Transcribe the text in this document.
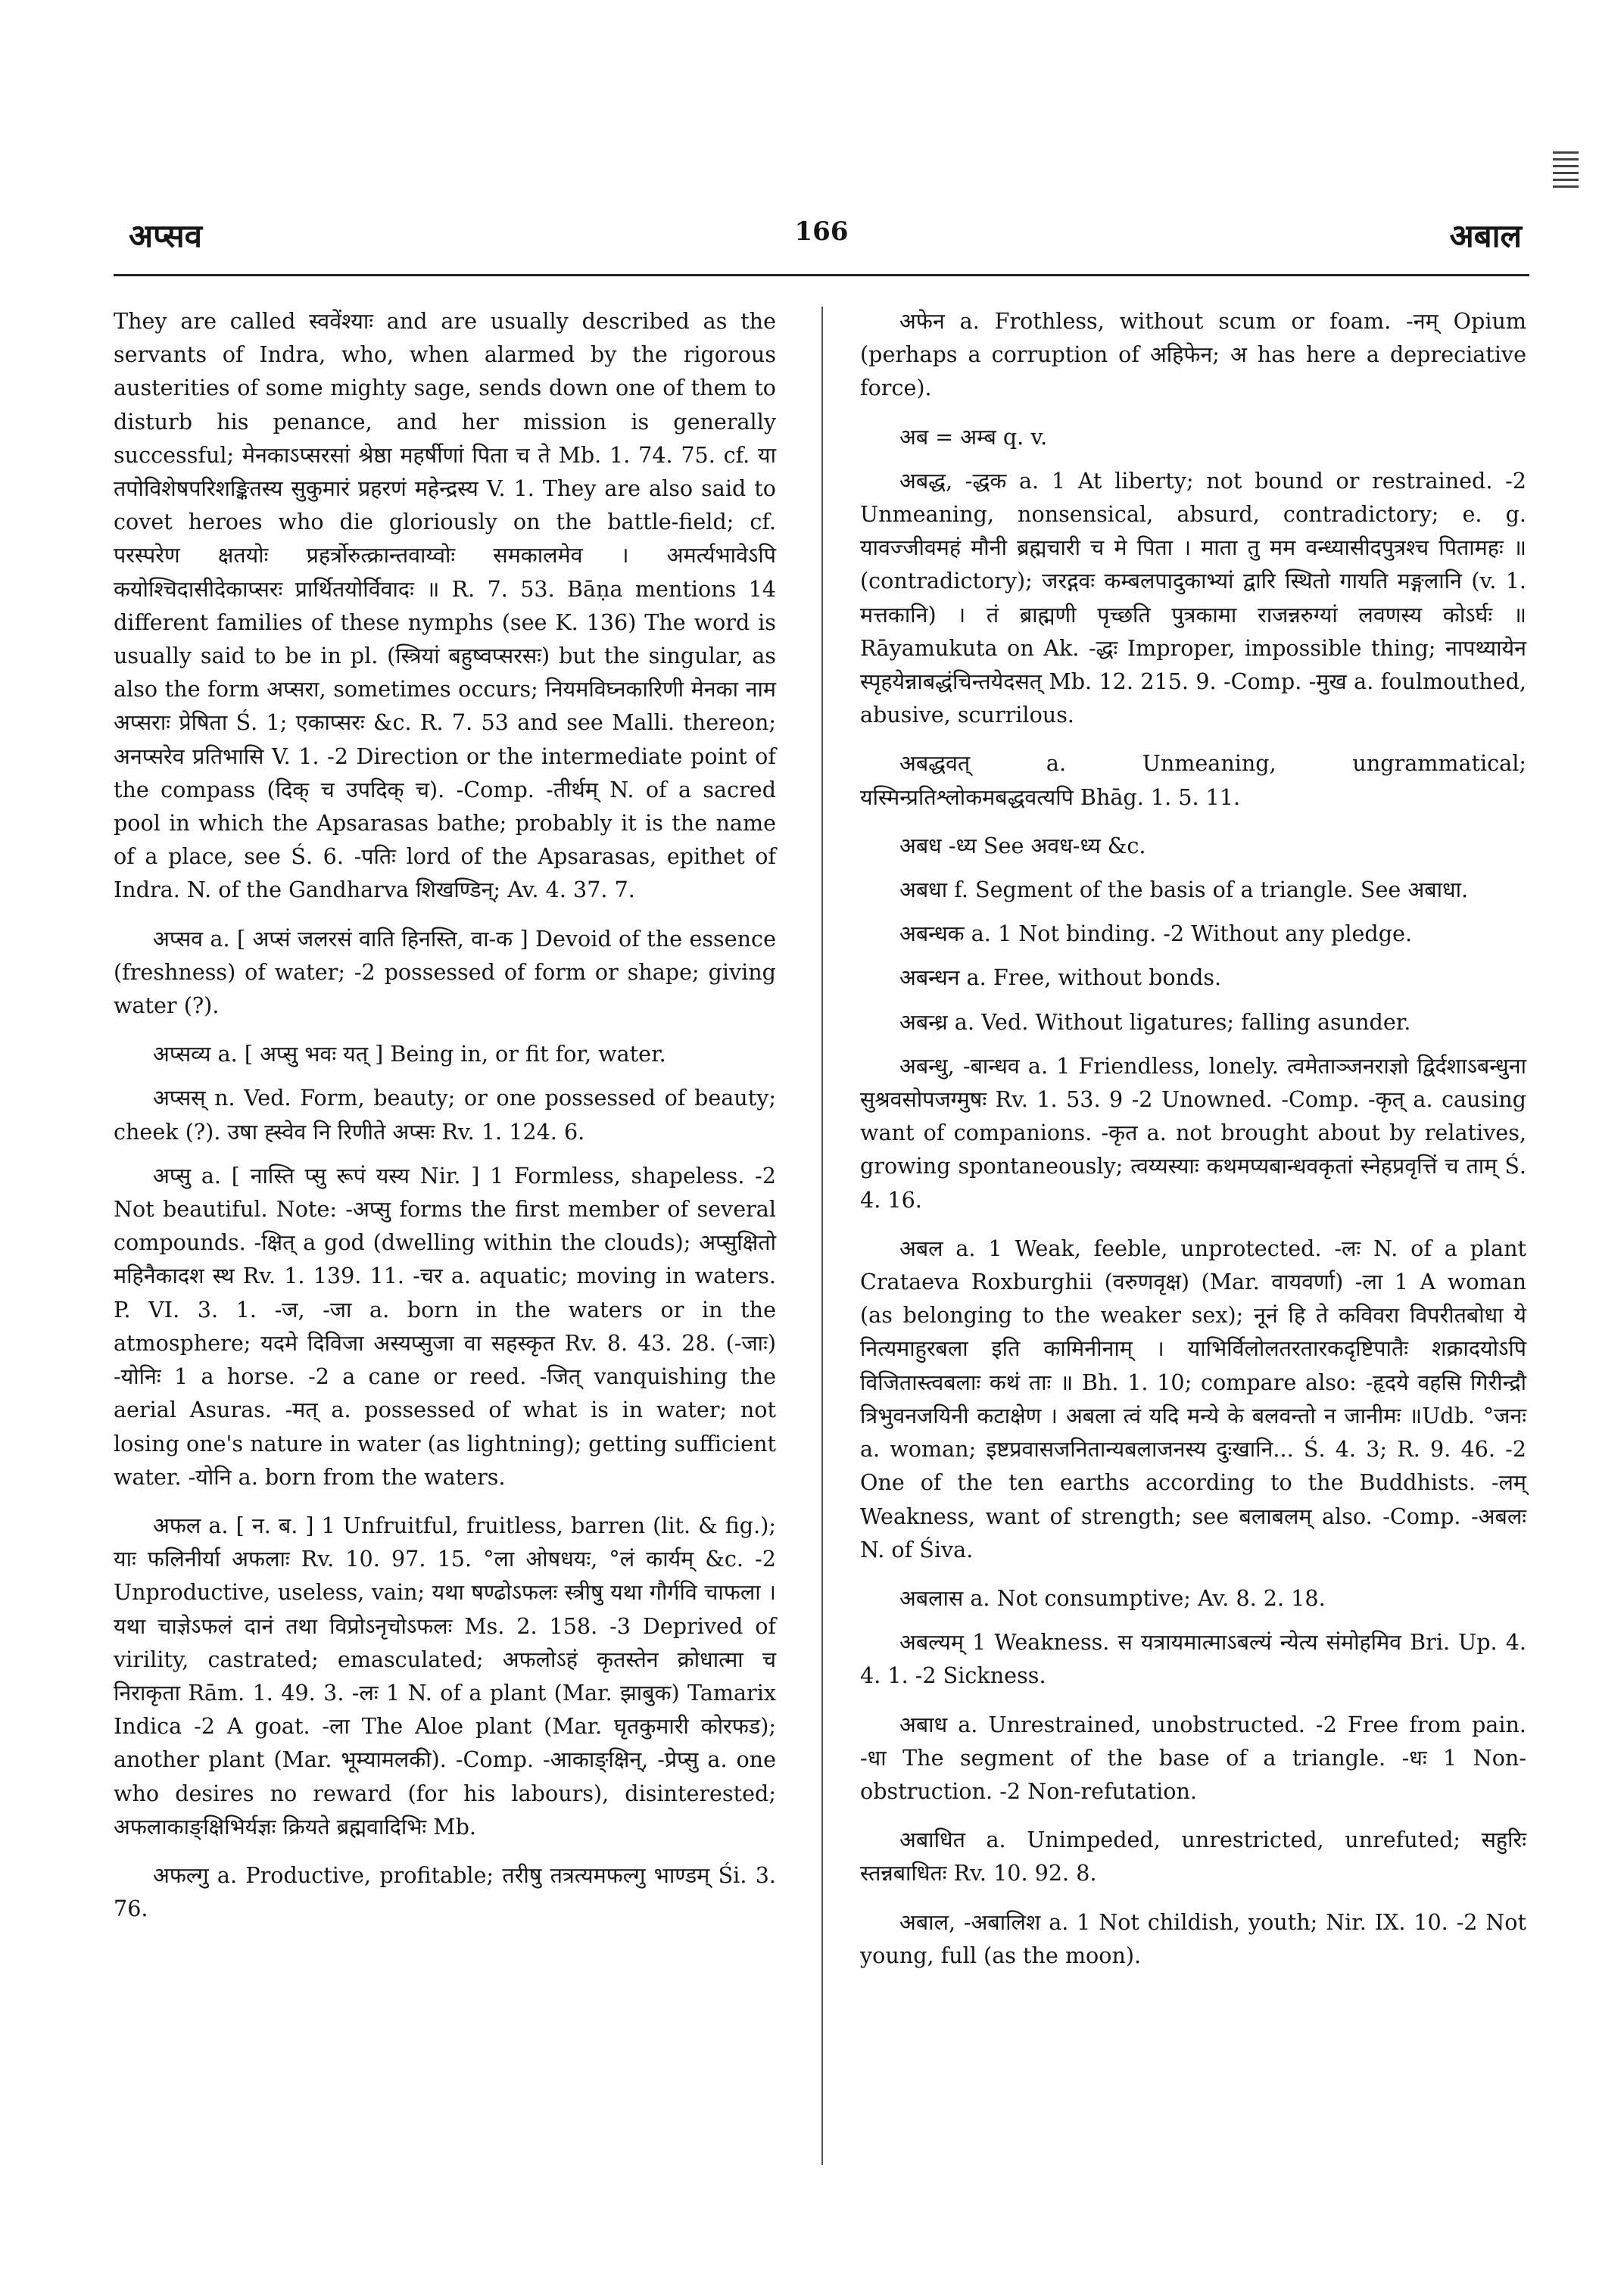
अप्सव	166	अबाल

They are called स्ववेंश्याः and are usually described as the servants of Indra, who, when alarmed by the rigorous austerities of some mighty sage, sends down one of them to disturb his penance, and her mission is generally successful; मेनकाऽप्सरसां श्रेष्ठा महर्षीणां पिता च ते Mb. 1. 74. 75. cf. या तपोविशेषपरिशङ्कितस्य सुकुमारं प्रहरणं महेन्द्रस्य V. 1. They are also said to covet heroes who die gloriously on the battle-field; cf. परस्परेण क्षतयोः प्रहर्त्रोरुत्क्रान्तवाय्वोः समकालमेव । अमर्त्यभावेऽपि कयोश्चिदासीदेकाप्सरः प्रार्थितयोर्विवादः ॥ R. 7. 53. Bāṇa mentions 14 different families of these nymphs (see K. 136) The word is usually said to be in pl. (स्त्रियां बहुष्वप्सरसः) but the singular, as also the form अप्सरा, sometimes occurs; नियमविघ्नकारिणी मेनका नाम अप्सराः प्रेषिता Ś. 1; एकाप्सरः &c. R. 7. 53 and see Malli. thereon; अनप्सरेव प्रतिभासि V. 1. -2 Direction or the intermediate point of the compass (दिक् च उपदिक् च). -Comp. -तीर्थम् N. of a sacred pool in which the Apsarasas bathe; probably it is the name of a place, see Ś. 6. -पतिः lord of the Apsarasas, epithet of Indra. N. of the Gandharva शिखण्डिन्; Av. 4. 37. 7.

अप्सव a. [ अप्सं जलरसं वाति हिनस्ति, वा-क ] Devoid of the essence (freshness) of water; -2 possessed of form or shape; giving water (?).

अप्सव्य a. [ अप्सु भवः यत् ] Being in, or fit for, water.

अप्सस् n. Ved. Form, beauty; or one possessed of beauty; cheek (?). उषा ह्स्वेव नि रिणीते अप्सः Rv. 1. 124. 6.

अप्सु a. [ नास्ति प्सु रूपं यस्य Nir. ] 1 Formless, shapeless. -2 Not beautiful. Note: -अप्सु forms the first member of several compounds. -क्षित् a god (dwelling within the clouds); अप्सुक्षितो महिनैकादश स्थ Rv. 1. 139. 11. -चर a. aquatic; moving in waters. P. VI. 3. 1. -ज, -जा a. born in the waters or in the atmosphere; यदमे दिविजा अस्यप्सुजा वा सहस्कृत Rv. 8. 43. 28. (-जाः) -योनिः 1 a horse. -2 a cane or reed. -जित् vanquishing the aerial Asuras. -मत् a. possessed of what is in water; not losing one's nature in water (as lightning); getting sufficient water. -योनि a. born from the waters.

अफल a. [ न. ब. ] 1 Unfruitful, fruitless, barren (lit. & fig.); याः फलिनीर्या अफलाः Rv. 10. 97. 15. °ला ओषधयः, °लं कार्यम् &c. -2 Unproductive, useless, vain; यथा षण्ढोऽफलः स्त्रीषु यथा गौर्गवि चाफला । यथा चाज्ञेऽफलं दानं तथा विप्रोऽनृचोऽफलः Ms. 2. 158. -3 Deprived of virility, castrated; emasculated; अफलोऽहं कृतस्तेन क्रोधात्मा च निराकृता Rām. 1. 49. 3. -लः 1 N. of a plant (Mar. झाबुक) Tamarix Indica -2 A goat. -ला The Aloe plant (Mar. घृतकुमारी कोरफड); another plant (Mar. भूम्यामलकी). -Comp. -आकाङ्क्षिन्, -प्रेप्सु a. one who desires no reward (for his labours), disinterested; अफलाकाङ्क्षिभिर्यज्ञः क्रियते ब्रह्मवादिभिः Mb.

अफल्गु a. Productive, profitable; तरीषु तत्रत्यमफल्गु भाण्डम् Śi. 3. 76.

अफेन a. Frothless, without scum or foam. -नम् Opium (perhaps a corruption of अहिफेन; अ has here a depreciative force).

अब = अम्ब q. v.

अबद्ध, -द्धक a. 1 At liberty; not bound or restrained. -2 Unmeaning, nonsensical, absurd, contradictory; e. g. यावज्जीवमहं मौनी ब्रह्मचारी च मे पिता । माता तु मम वन्ध्यासीदपुत्रश्च पितामहः ॥ (contradictory); जरद्गवः कम्बलपादुकाभ्यां द्वारि स्थितो गायति मङ्गलानि (v. 1. मत्तकानि) । तं ब्राह्मणी पृच्छति पुत्रकामा राजन्नरुग्यां लवणस्य कोऽर्घः ॥ Rāyamukuta on Ak. -द्धः Improper, impossible thing; नापथ्यायेन स्पृहयेन्नाबद्धंचिन्तयेदसत् Mb. 12. 215. 9. -Comp. -मुख a. foulmouthed, abusive, scurrilous.

अबद्धवत् a. Unmeaning, ungrammatical; यस्मिन्प्रतिश्लोकमबद्धवत्यपि Bhāg. 1. 5. 11.

अबध -ध्य See अवध-ध्य &c.

अबधा f. Segment of the basis of a triangle. See अबाधा.

अबन्धक a. 1 Not binding. -2 Without any pledge.

अबन्धन a. Free, without bonds.

अबन्ध्र a. Ved. Without ligatures; falling asunder.

अबन्धु, -बान्धव a. 1 Friendless, lonely. त्वमेताञ्जनराज्ञो द्विर्दशाऽबन्धुना सुश्रवसोपजग्मुषः Rv. 1. 53. 9 -2 Unowned. -Comp. -कृत् a. causing want of companions. -कृत a. not brought about by relatives, growing spontaneously; त्वय्यस्याः कथमप्यबान्धवकृतां स्नेहप्रवृत्तिं च ताम् Ś. 4. 16.

अबल a. 1 Weak, feeble, unprotected. -लः N. of a plant Crataeva Roxburghii (वरुणवृक्ष) (Mar. वायवर्णा) -ला 1 A woman (as belonging to the weaker sex); नूनं हि ते कविवरा विपरीतबोधा ये नित्यमाहुरबला इति कामिनीनाम् । याभिर्विलोलतरतारकदृष्टिपातैः शक्रादयोऽपि विजितास्त्वबलाः कथं ताः ॥ Bh. 1. 10; compare also: -हृदये वहसि गिरीन्द्रौ त्रिभुवनजयिनी कटाक्षेण । अबला त्वं यदि मन्ये के बलवन्तो न जानीमः ॥Udb. °जनः a. woman; इष्टप्रवासजनितान्यबलाजनस्य दुःखानि... Ś. 4. 3; R. 9. 46. -2 One of the ten earths according to the Buddhists. -लम् Weakness, want of strength; see बलाबलम् also. -Comp. -अबलः N. of Śiva.

अबलास a. Not consumptive; Av. 8. 2. 18.

अबल्यम् 1 Weakness. स यत्रायमात्माऽबल्यं न्येत्य संमोहमिव Bri. Up. 4. 4. 1. -2 Sickness.

अबाध a. Unrestrained, unobstructed. -2 Free from pain. -धा The segment of the base of a triangle. -धः 1 Non-obstruction. -2 Non-refutation.

अबाधित a. Unimpeded, unrestricted, unrefuted; सहुरिः स्तन्नबाधितः Rv. 10. 92. 8.

अबाल, -अबालिश a. 1 Not childish, youth; Nir. IX. 10. -2 Not young, full (as the moon).
